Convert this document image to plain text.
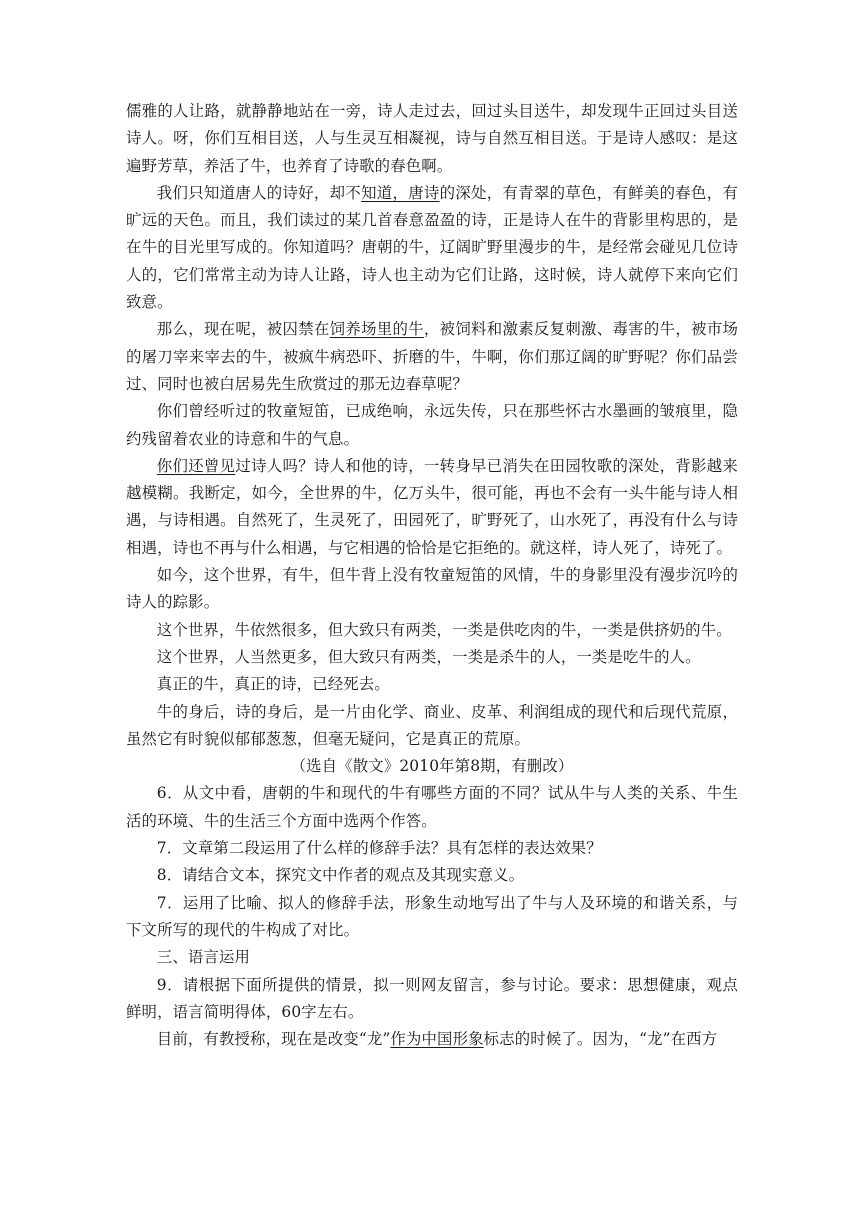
儒雅的人让路，就静静地站在一旁，诗人走过去，回过头目送牛，却发现牛正回过头目送诗人。呀，你们互相目送，人与生灵互相凝视，诗与自然互相目送。于是诗人感叹：是这遍野芳草，养活了牛，也养育了诗歌的春色啊。

我们只知道唐人的诗好，却不知道，唐诗的深处，有青翠的草色，有鲜美的春色，有旷远的天色。而且，我们读过的某几首春意盈盈的诗，正是诗人在牛的背影里构思的，是在牛的目光里写成的。你知道吗？唐朝的牛，辽阔旷野里漫步的牛，是经常会碰见几位诗人的，它们常常主动为诗人让路，诗人也主动为它们让路，这时候，诗人就停下来向它们致意。

那么，现在呢，被囚禁在饲养场里的牛，被饲料和激素反复刺激、毒害的牛，被市场的屠刀宰来宰去的牛，被疯牛病恐吓、折磨的牛，牛啊，你们那辽阔的旷野呢？你们品尝过、同时也被白居易先生欣赏过的那无边春草呢？

你们曾经听过的牧童短笛，已成绝响，永远失传，只在那些怀古水墨画的皱痕里，隐约残留着农业的诗意和牛的气息。

你们还曾见过诗人吗？诗人和他的诗，一转身早已消失在田园牧歌的深处，背影越来越模糊。我断定，如今，全世界的牛，亿万头牛，很可能，再也不会有一头牛能与诗人相遇，与诗相遇。自然死了，生灵死了，田园死了，旷野死了，山水死了，再没有什么与诗相遇，诗也不再与什么相遇，与它相遇的恰恰是它拒绝的。就这样，诗人死了，诗死了。

如今，这个世界，有牛，但牛背上没有牧童短笛的风情，牛的身影里没有漫步沉吟的诗人的踪影。

这个世界，牛依然很多，但大致只有两类，一类是供吃肉的牛，一类是供挤奶的牛。

这个世界，人当然更多，但大致只有两类，一类是杀牛的人，一类是吃牛的人。

真正的牛，真正的诗，已经死去。

牛的身后，诗的身后，是一片由化学、商业、皮革、利润组成的现代和后现代荒原，虽然它有时貌似郁郁葱葱，但毫无疑问，它是真正的荒原。

（选自《散文》2010年第8期，有删改）

6．从文中看，唐朝的牛和现代的牛有哪些方面的不同？试从牛与人类的关系、牛生活的环境、牛的生活三个方面中选两个作答。

7．文章第二段运用了什么样的修辞手法？具有怎样的表达效果？

8．请结合文本，探究文中作者的观点及其现实意义。

7．运用了比喻、拟人的修辞手法，形象生动地写出了牛与人及环境的和谐关系，与下文所写的现代的牛构成了对比。

三、语言运用

9．请根据下面所提供的情景，拟一则网友留言，参与讨论。要求：思想健康，观点鲜明，语言简明得体，60字左右。

目前，有教授称，现在是改变“龙”作为中国形象标志的时候了。因为，“龙”在西方
